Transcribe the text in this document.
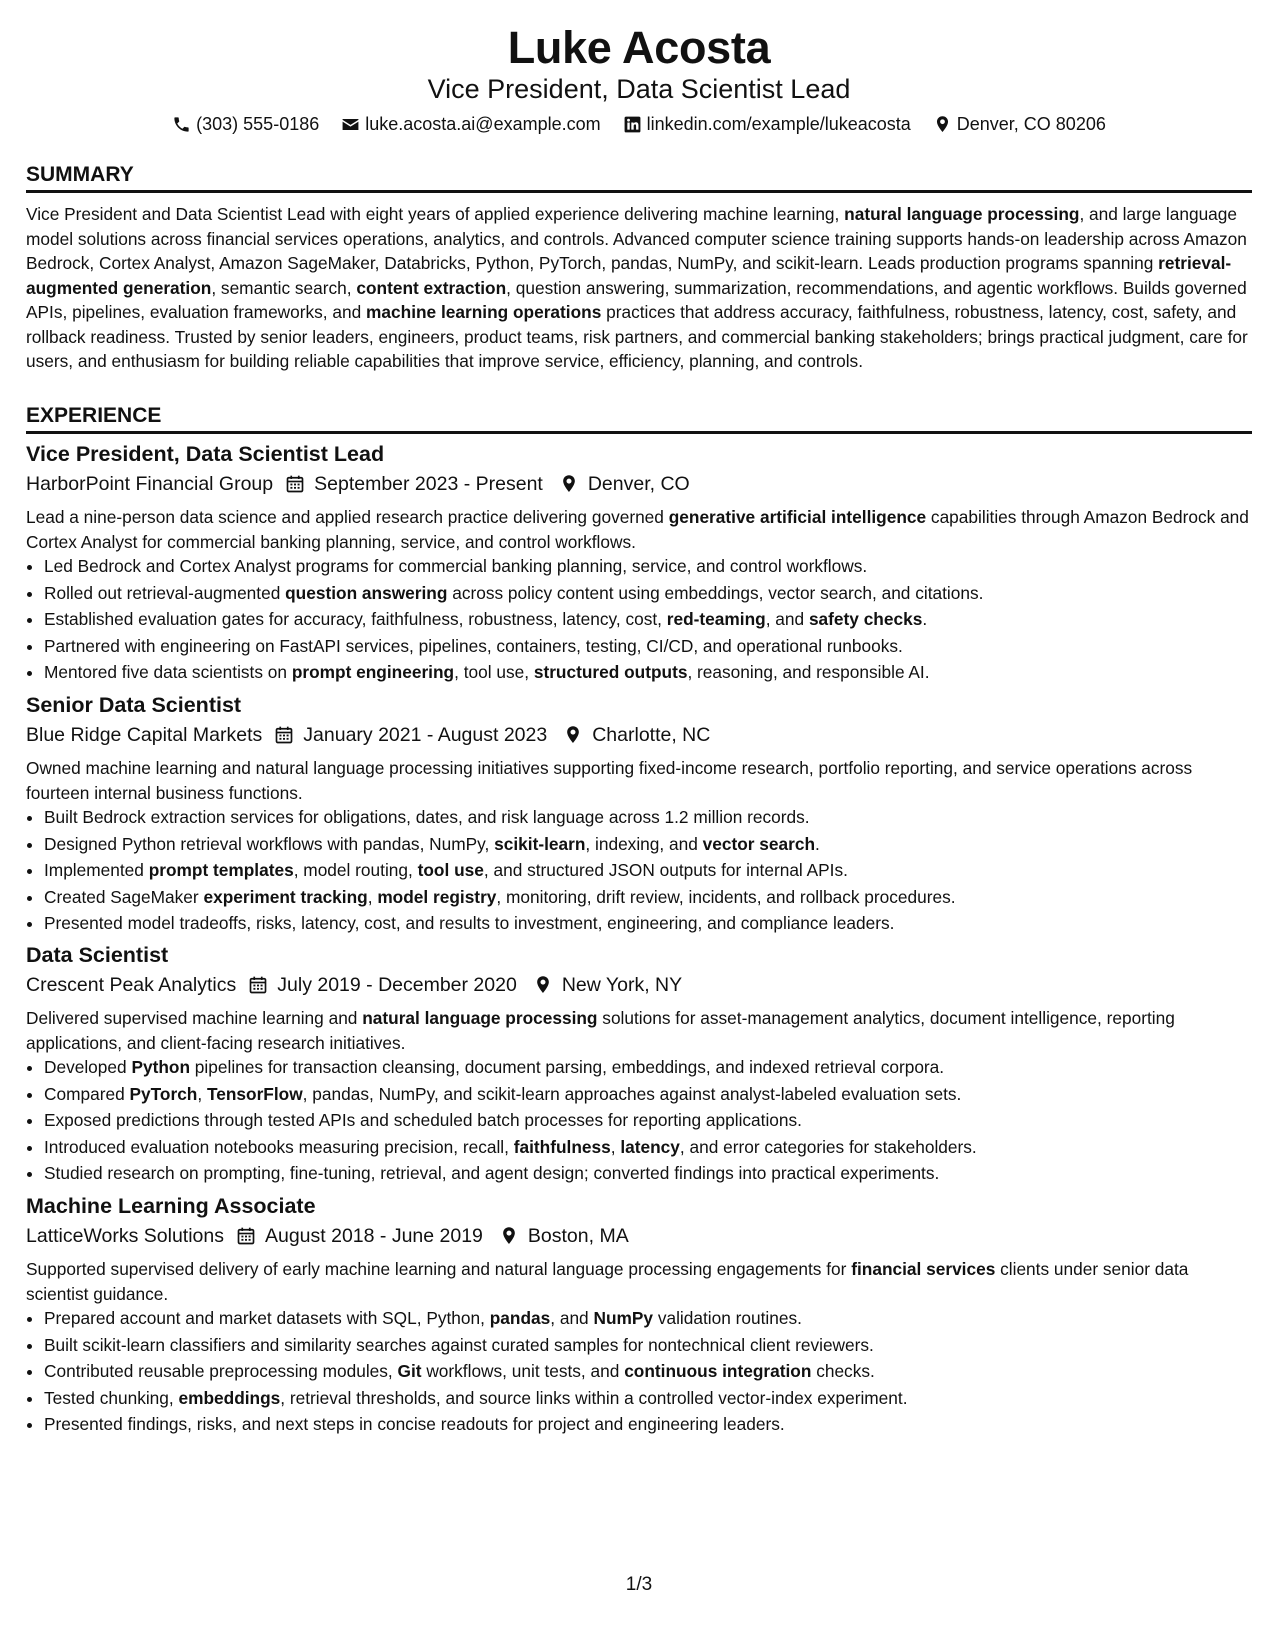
Luke Acosta
Vice President, Data Scientist Lead
(303) 555-0186	luke.acosta.ai@example.com	linkedin.com/example/lukeacosta	Denver, CO 80206
SUMMARY
Vice President and Data Scientist Lead with eight years of applied experience delivering machine learning, natural language processing, and large language model solutions across financial services operations, analytics, and controls. Advanced computer science training supports hands-on leadership across Amazon Bedrock, Cortex Analyst, Amazon SageMaker, Databricks, Python, PyTorch, pandas, NumPy, and scikit-learn. Leads production programs spanning retrieval-augmented generation, semantic search, content extraction, question answering, summarization, recommendations, and agentic workflows. Builds governed APIs, pipelines, evaluation frameworks, and machine learning operations practices that address accuracy, faithfulness, robustness, latency, cost, safety, and rollback readiness. Trusted by senior leaders, engineers, product teams, risk partners, and commercial banking stakeholders; brings practical judgment, care for users, and enthusiasm for building reliable capabilities that improve service, efficiency, planning, and controls.
EXPERIENCE
Vice President, Data Scientist Lead
HarborPoint Financial Group September 2023 - Present Denver, CO
Lead a nine-person data science and applied research practice delivering governed generative artificial intelligence capabilities through Amazon Bedrock and Cortex Analyst for commercial banking planning, service, and control workflows.
• Led Bedrock and Cortex Analyst programs for commercial banking planning, service, and control workflows.
• Rolled out retrieval-augmented question answering across policy content using embeddings, vector search, and citations.
• Established evaluation gates for accuracy, faithfulness, robustness, latency, cost, red-teaming, and safety checks.
• Partnered with engineering on FastAPI services, pipelines, containers, testing, CI/CD, and operational runbooks.
• Mentored five data scientists on prompt engineering, tool use, structured outputs, reasoning, and responsible AI.
Senior Data Scientist
Blue Ridge Capital Markets January 2021 - August 2023 Charlotte, NC
Owned machine learning and natural language processing initiatives supporting fixed-income research, portfolio reporting, and service operations across fourteen internal business functions.
• Built Bedrock extraction services for obligations, dates, and risk language across 1.2 million records.
• Designed Python retrieval workflows with pandas, NumPy, scikit-learn, indexing, and vector search.
• Implemented prompt templates, model routing, tool use, and structured JSON outputs for internal APIs.
• Created SageMaker experiment tracking, model registry, monitoring, drift review, incidents, and rollback procedures.
• Presented model tradeoffs, risks, latency, cost, and results to investment, engineering, and compliance leaders.
Data Scientist
Crescent Peak Analytics July 2019 - December 2020 New York, NY
Delivered supervised machine learning and natural language processing solutions for asset-management analytics, document intelligence, reporting applications, and client-facing research initiatives.
• Developed Python pipelines for transaction cleansing, document parsing, embeddings, and indexed retrieval corpora.
• Compared PyTorch, TensorFlow, pandas, NumPy, and scikit-learn approaches against analyst-labeled evaluation sets.
• Exposed predictions through tested APIs and scheduled batch processes for reporting applications.
• Introduced evaluation notebooks measuring precision, recall, faithfulness, latency, and error categories for stakeholders.
• Studied research on prompting, fine-tuning, retrieval, and agent design; converted findings into practical experiments.
Machine Learning Associate
LatticeWorks Solutions August 2018 - June 2019 Boston, MA
Supported supervised delivery of early machine learning and natural language processing engagements for financial services clients under senior data scientist guidance.
• Prepared account and market datasets with SQL, Python, pandas, and NumPy validation routines.
• Built scikit-learn classifiers and similarity searches against curated samples for nontechnical client reviewers.
• Contributed reusable preprocessing modules, Git workflows, unit tests, and continuous integration checks.
• Tested chunking, embeddings, retrieval thresholds, and source links within a controlled vector-index experiment.
• Presented findings, risks, and next steps in concise readouts for project and engineering leaders.
1/3
